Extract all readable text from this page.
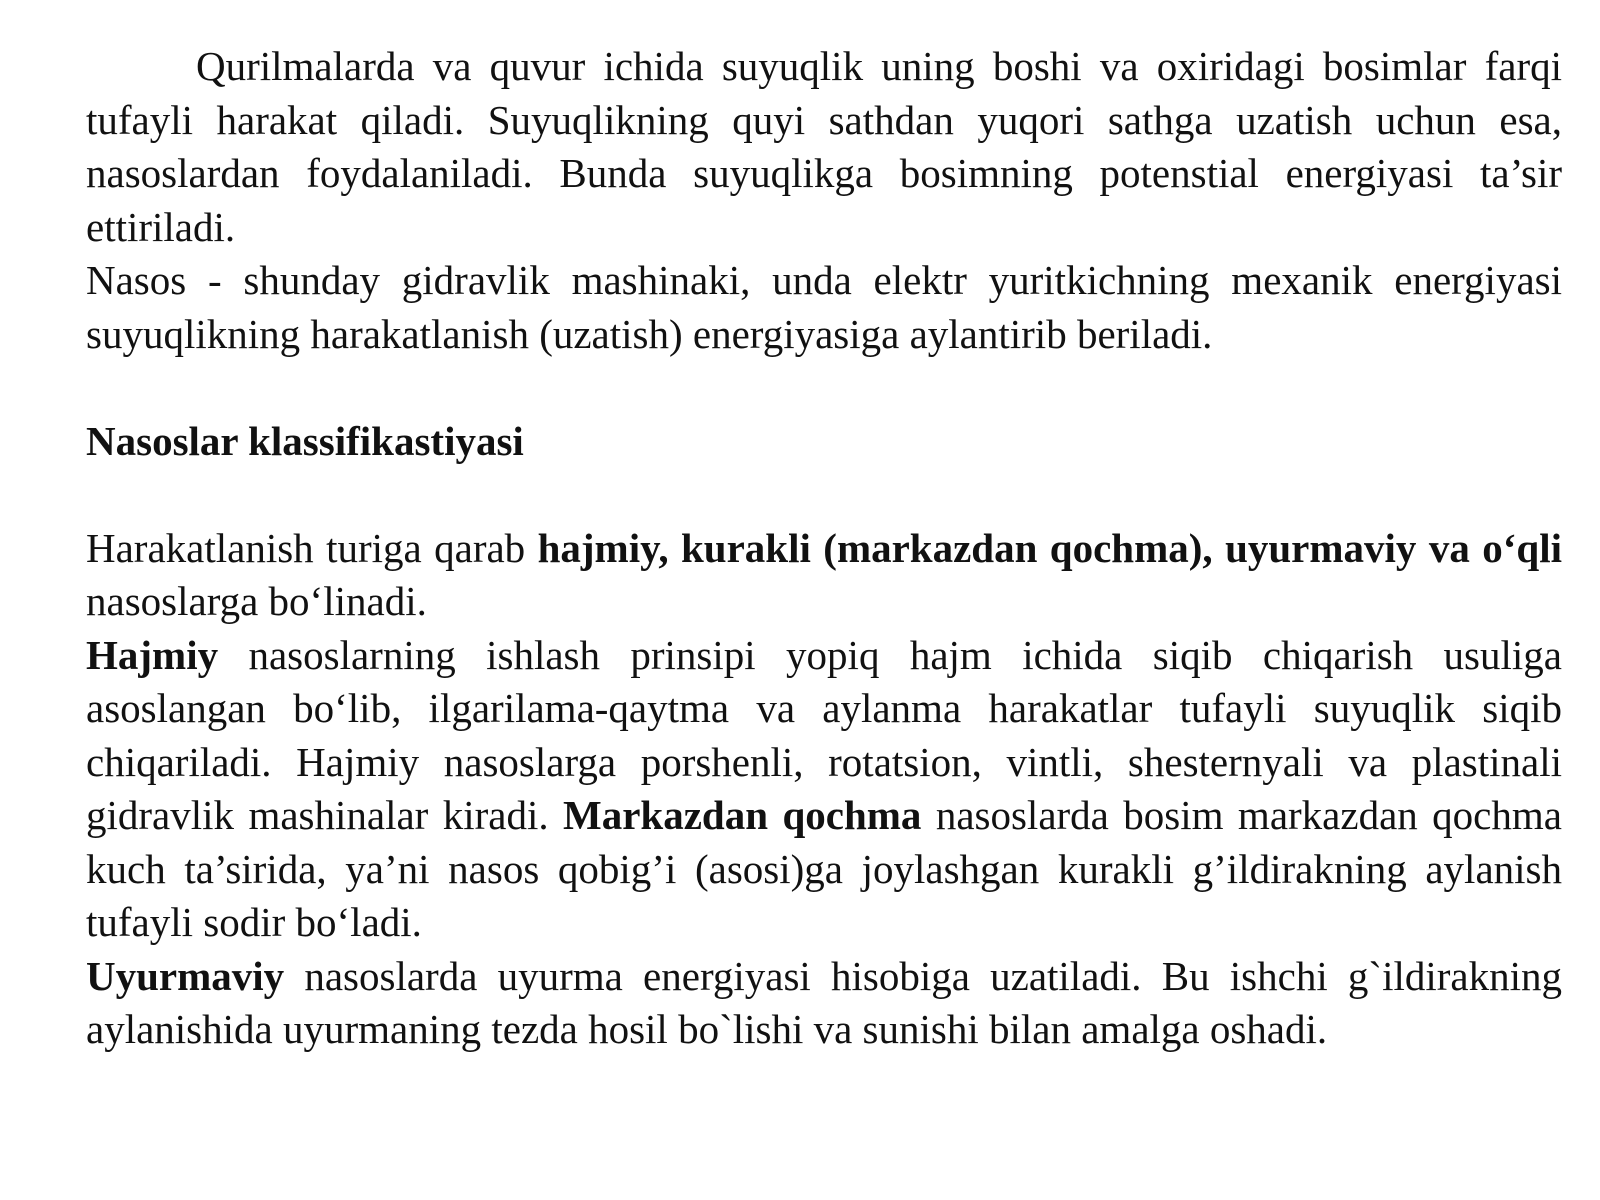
Qurilmalarda va quvur ichida suyuqlik uning boshi va oxiridagi bosimlar farqi tufayli harakat qiladi. Suyuqlikning quyi sathdan yuqori sathga uzatish uchun esa, nasoslardan foydalaniladi. Bunda suyuqlikga bosimning potenstial energiyasi ta’sir ettiriladi.

Nasos - shunday gidravlik mashinaki, unda elektr yuritkichning mexanik energiyasi suyuqlikning harakatlanish (uzatish) energiyasiga aylantirib beriladi.

Nasoslar klassifikastiyasi

Harakatlanish turiga qarab hajmiy, kurakli (markazdan qochma), uyurmaviy va o‘qli nasoslarga bo‘linadi.

Hajmiy nasoslarning ishlash prinsipi yopiq hajm ichida siqib chiqarish usuliga asoslangan bo‘lib, ilgarilama-qaytma va aylanma harakatlar tufayli suyuqlik siqib chiqariladi. Hajmiy nasoslarga porshenli, rotatsion, vintli, shesternyali va plastinali gidravlik mashinalar kiradi. Markazdan qochma nasoslarda bosim markazdan qochma kuch ta’sirida, ya’ni nasos qobig’i (asosi)ga joylashgan kurakli g’ildirakning aylanish tufayli sodir bo‘ladi.

Uyurmaviy nasoslarda uyurma energiyasi hisobiga uzatiladi. Bu ishchi g`ildirakning aylanishida uyurmaning tezda hosil bo`lishi va sunishi bilan amalga oshadi.
